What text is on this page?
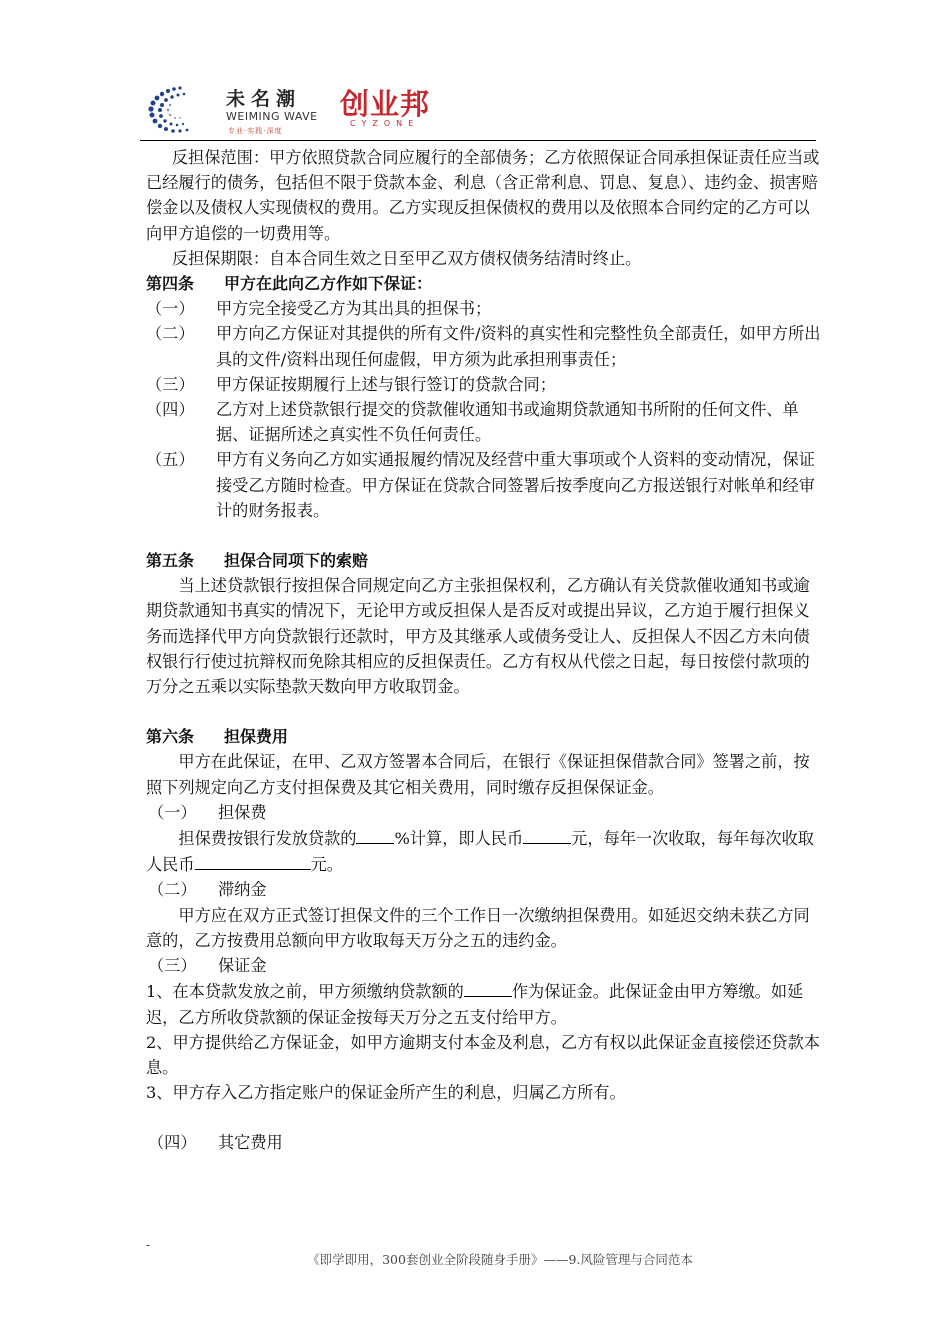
未名潮
WEIMING WAVE
专业·实践·深度
创业邦
CYZONE

反担保范围：甲方依照贷款合同应履行的全部债务；乙方依照保证合同承担保证责任应当或已经履行的债务，包括但不限于贷款本金、利息（含正常利息、罚息、复息）、违约金、损害赔偿金以及债权人实现债权的费用。乙方实现反担保债权的费用以及依照本合同约定的乙方可以向甲方追偿的一切费用等。

反担保期限：自本合同生效之日至甲乙双方债权债务结清时终止。

第四条 甲方在此向乙方作如下保证：

（一）	甲方完全接受乙方为其出具的担保书；
（二）	甲方向乙方保证对其提供的所有文件/资料的真实性和完整性负全部责任，如甲方所出具的文件/资料出现任何虚假，甲方须为此承担刑事责任；
（三）	甲方保证按期履行上述与银行签订的贷款合同；
（四）	乙方对上述贷款银行提交的贷款催收通知书或逾期贷款通知书所附的任何文件、单据、证据所述之真实性不负任何责任。
（五）	甲方有义务向乙方如实通报履约情况及经营中重大事项或个人资料的变动情况，保证接受乙方随时检查。甲方保证在贷款合同签署后按季度向乙方报送银行对帐单和经审计的财务报表。

第五条 担保合同项下的索赔

当上述贷款银行按担保合同规定向乙方主张担保权利，乙方确认有关贷款催收通知书或逾期贷款通知书真实的情况下，无论甲方或反担保人是否反对或提出异议，乙方迫于履行担保义务而选择代甲方向贷款银行还款时，甲方及其继承人或债务受让人、反担保人不因乙方未向债权银行行使过抗辩权而免除其相应的反担保责任。乙方有权从代偿之日起，每日按偿付款项的万分之五乘以实际垫款天数向甲方收取罚金。

第六条 担保费用

甲方在此保证，在甲、乙双方签署本合同后，在银行《保证担保借款合同》签署之前，按照下列规定向乙方支付担保费及其它相关费用，同时缴存反担保保证金。

（一） 担保费

担保费按银行发放贷款的 %计算，即人民币	元，每年一次收取，每年每次收取人民币	元。

（二） 滞纳金

甲方应在双方正式签订担保文件的三个工作日一次缴纳担保费用。如延迟交纳未获乙方同意的，乙方按费用总额向甲方收取每天万分之五的违约金。

（三） 保证金

1、在本贷款发放之前，甲方须缴纳贷款额的	作为保证金。此保证金由甲方筹缴。如延迟，乙方所收贷款额的保证金按每天万分之五支付给甲方。

2、甲方提供给乙方保证金，如甲方逾期支付本金及利息，乙方有权以此保证金直接偿还贷款本息。

3、甲方存入乙方指定账户的保证金所产生的利息，归属乙方所有。

（四） 其它费用

-
《即学即用，300套创业全阶段随身手册》——9.风险管理与合同范本
